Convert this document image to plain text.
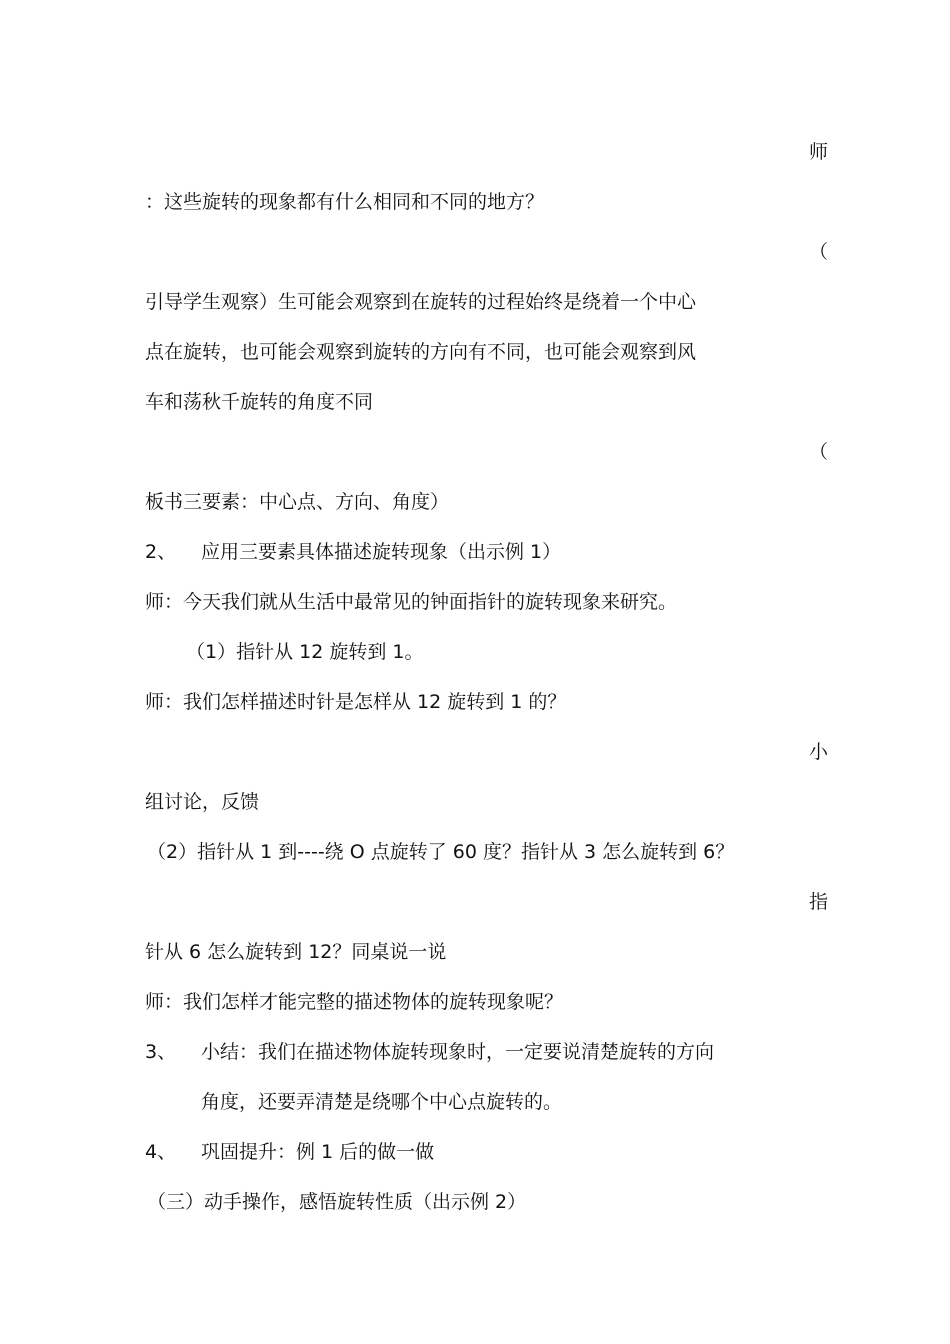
师
：这些旋转的现象都有什么相同和不同的地方？
（
引导学生观察）生可能会观察到在旋转的过程始终是绕着一个中心
点在旋转，也可能会观察到旋转的方向有不同，也可能会观察到风
车和荡秋千旋转的角度不同
（
板书三要素：中心点、方向、角度）
2、	应用三要素具体描述旋转现象（出示例 1）
师：今天我们就从生活中最常见的钟面指针的旋转现象来研究。
（1）指针从 12 旋转到 1。
师：我们怎样描述时针是怎样从 12 旋转到 1 的？
小
组讨论，反馈
（2）指针从 1 到----绕 O 点旋转了 60 度？指针从 3 怎么旋转到 6？
指
针从 6 怎么旋转到 12？同桌说一说
师：我们怎样才能完整的描述物体的旋转现象呢？
3、	小结：我们在描述物体旋转现象时，一定要说清楚旋转的方向
角度，还要弄清楚是绕哪个中心点旋转的。
4、	巩固提升：例 1 后的做一做
（三）动手操作，感悟旋转性质（出示例 2）
